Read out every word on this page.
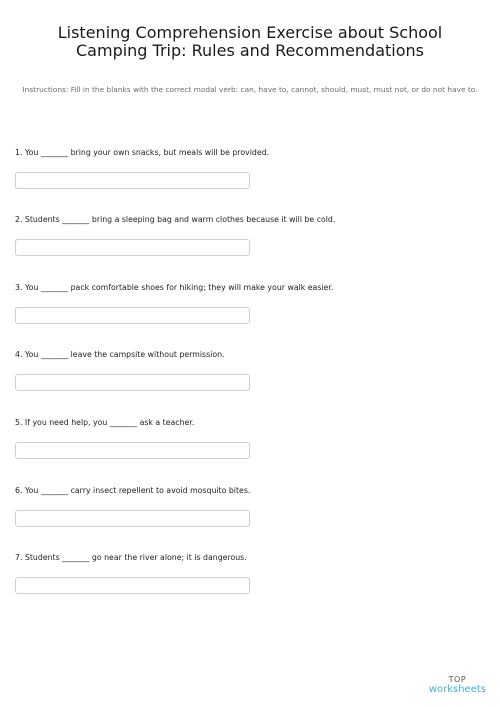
Listening Comprehension Exercise about School Camping Trip: Rules and Recommendations

Instructions: Fill in the blanks with the correct modal verb: can, have to, cannot, should, must, must not, or do not have to.

1. You _______ bring your own snacks, but meals will be provided.

2. Students _______ bring a sleeping bag and warm clothes because it will be cold.

3. You _______ pack comfortable shoes for hiking; they will make your walk easier.

4. You _______ leave the campsite without permission.

5. If you need help, you _______ ask a teacher.

6. You _______ carry insect repellent to avoid mosquito bites.

7. Students _______ go near the river alone; it is dangerous.

TOP
worksheets
